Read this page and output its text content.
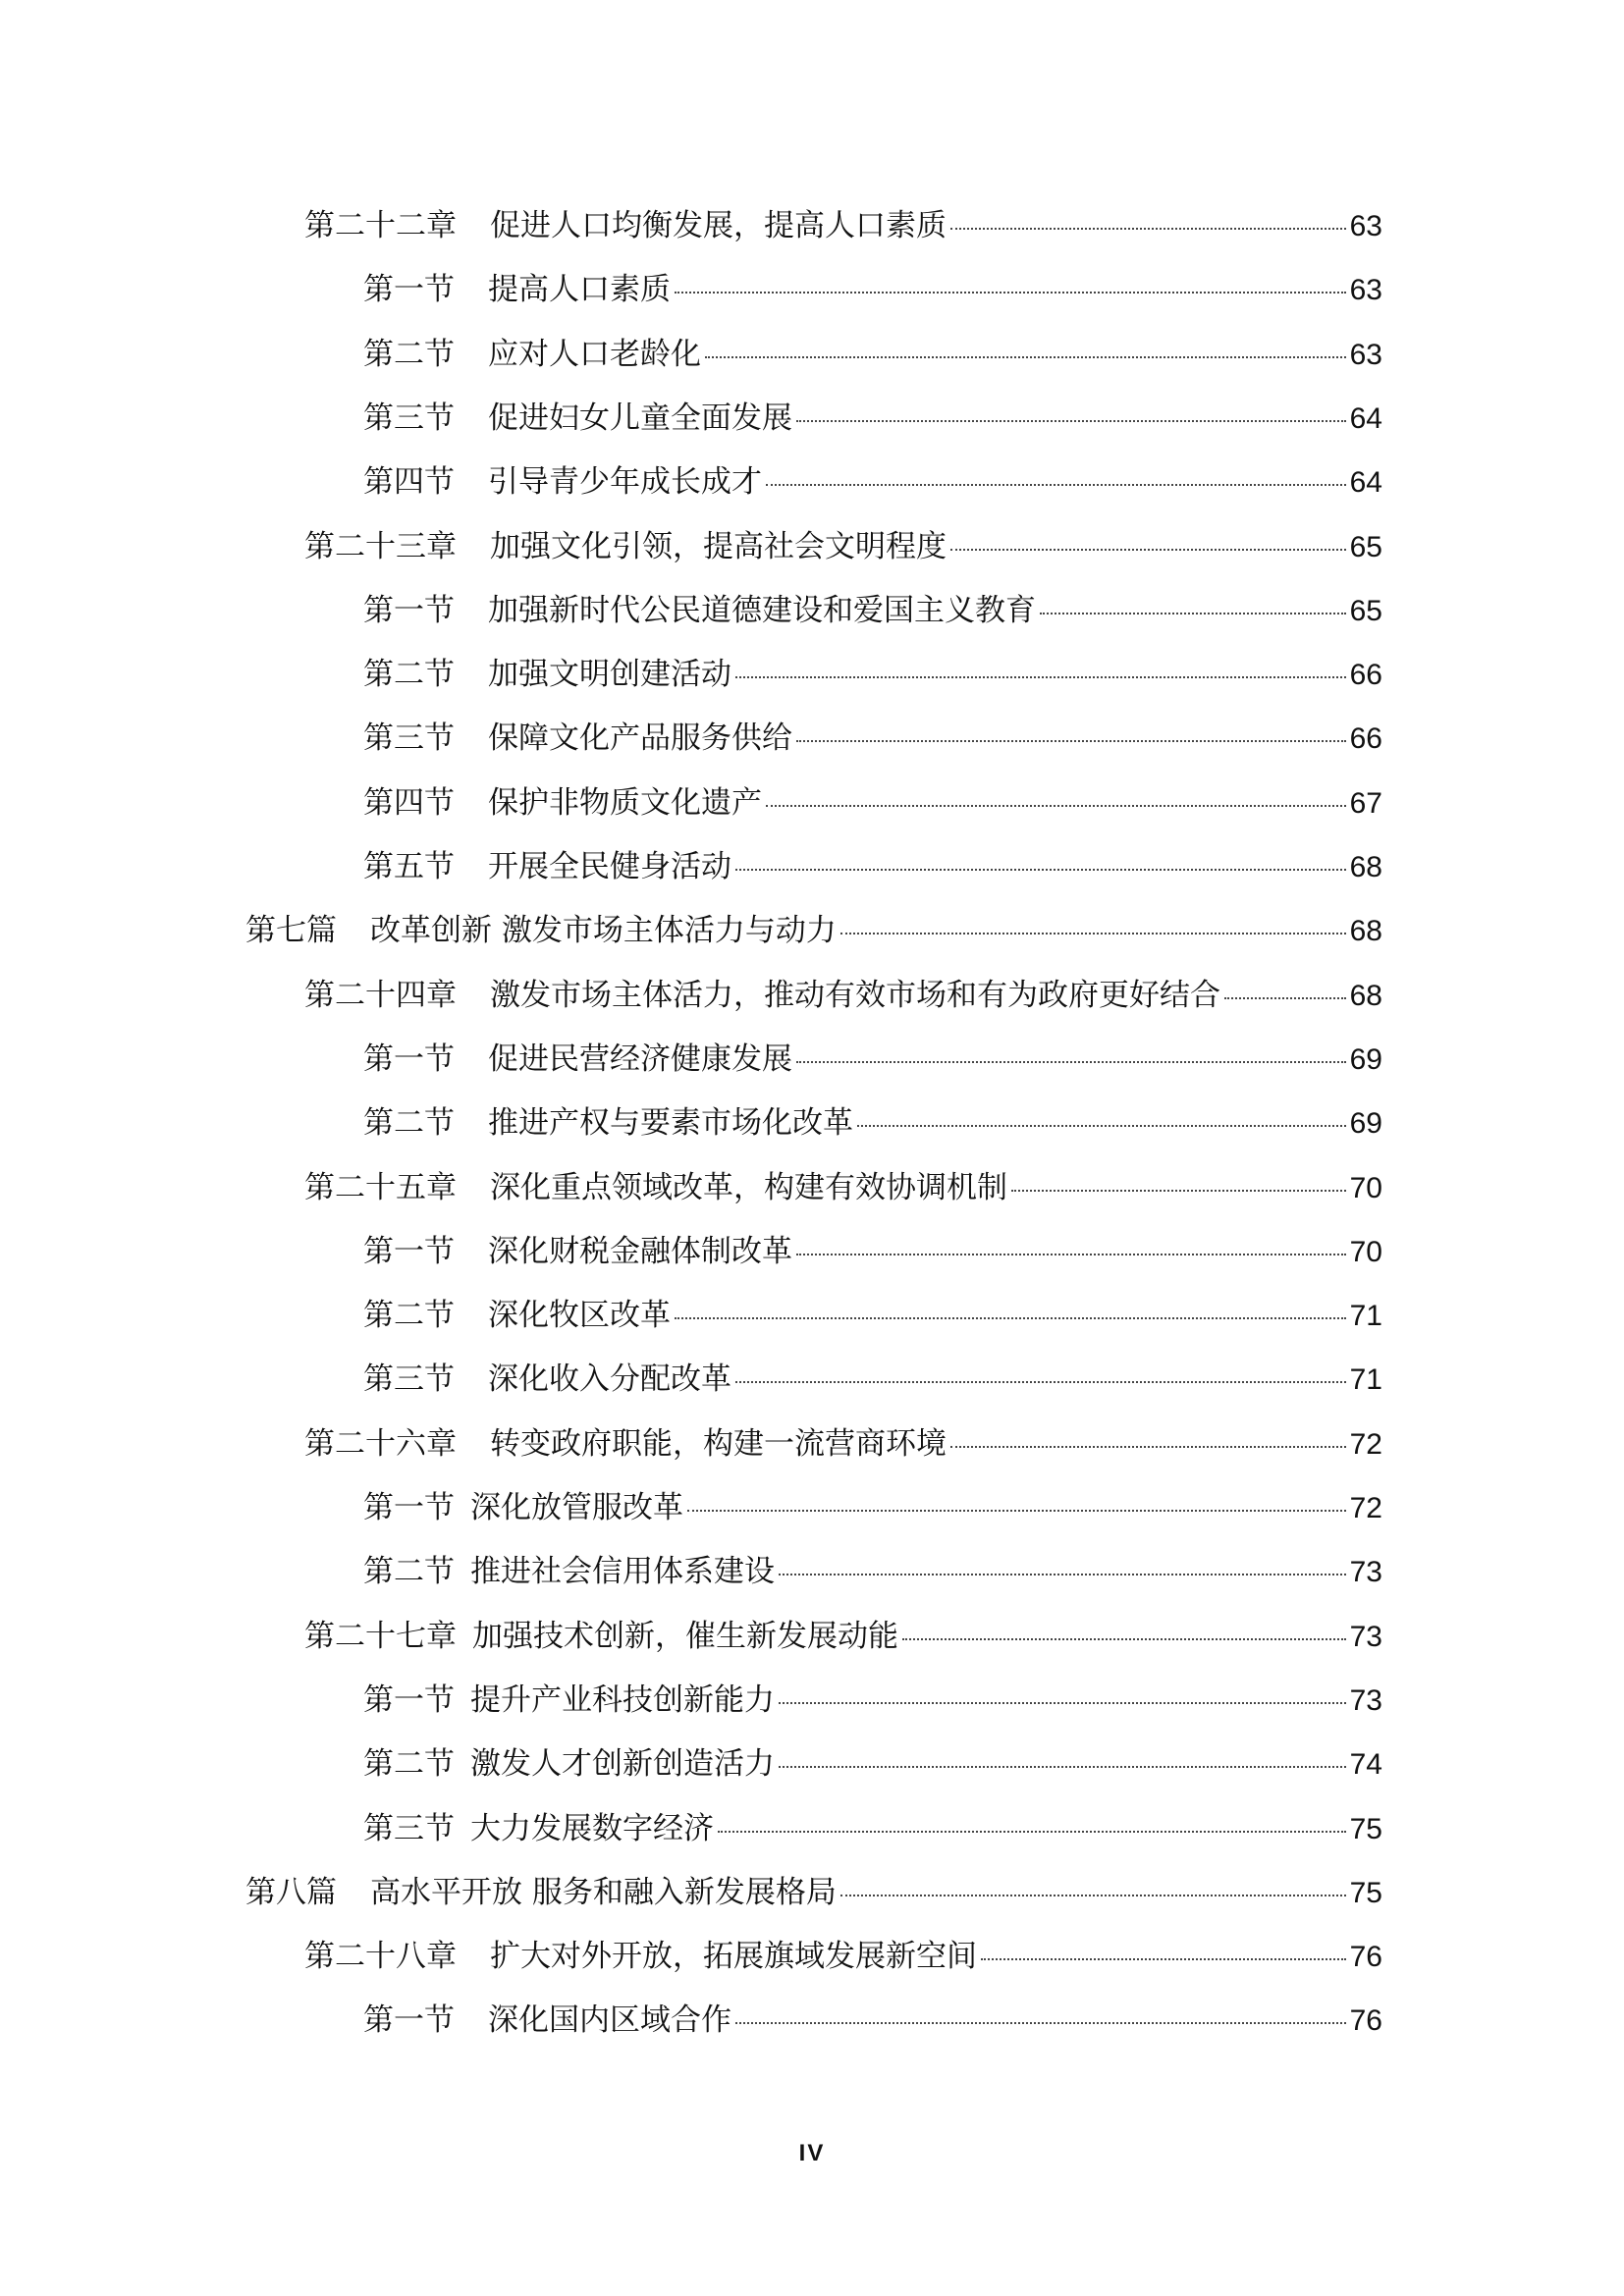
第二十二章 促进人口均衡发展，提高人口素质	63
第一节 提高人口素质	63
第二节 应对人口老龄化	63
第三节 促进妇女儿童全面发展	64
第四节 引导青少年成长成才	64
第二十三章 加强文化引领，提高社会文明程度	65
第一节 加强新时代公民道德建设和爱国主义教育	65
第二节 加强文明创建活动	66
第三节 保障文化产品服务供给	66
第四节 保护非物质文化遗产	67
第五节 开展全民健身活动	68
第七篇 改革创新 激发市场主体活力与动力	68
第二十四章 激发市场主体活力，推动有效市场和有为政府更好结合	68
第一节 促进民营经济健康发展	69
第二节 推进产权与要素市场化改革	69
第二十五章 深化重点领域改革，构建有效协调机制	70
第一节 深化财税金融体制改革	70
第二节 深化牧区改革	71
第三节 深化收入分配改革	71
第二十六章 转变政府职能，构建一流营商环境	72
第一节 深化放管服改革	72
第二节 推进社会信用体系建设	73
第二十七章 加强技术创新，催生新发展动能	73
第一节 提升产业科技创新能力	73
第二节 激发人才创新创造活力	74
第三节 大力发展数字经济	75
第八篇 高水平开放 服务和融入新发展格局	75
第二十八章 扩大对外开放，拓展旗域发展新空间	76
第一节 深化国内区域合作	76
IV
